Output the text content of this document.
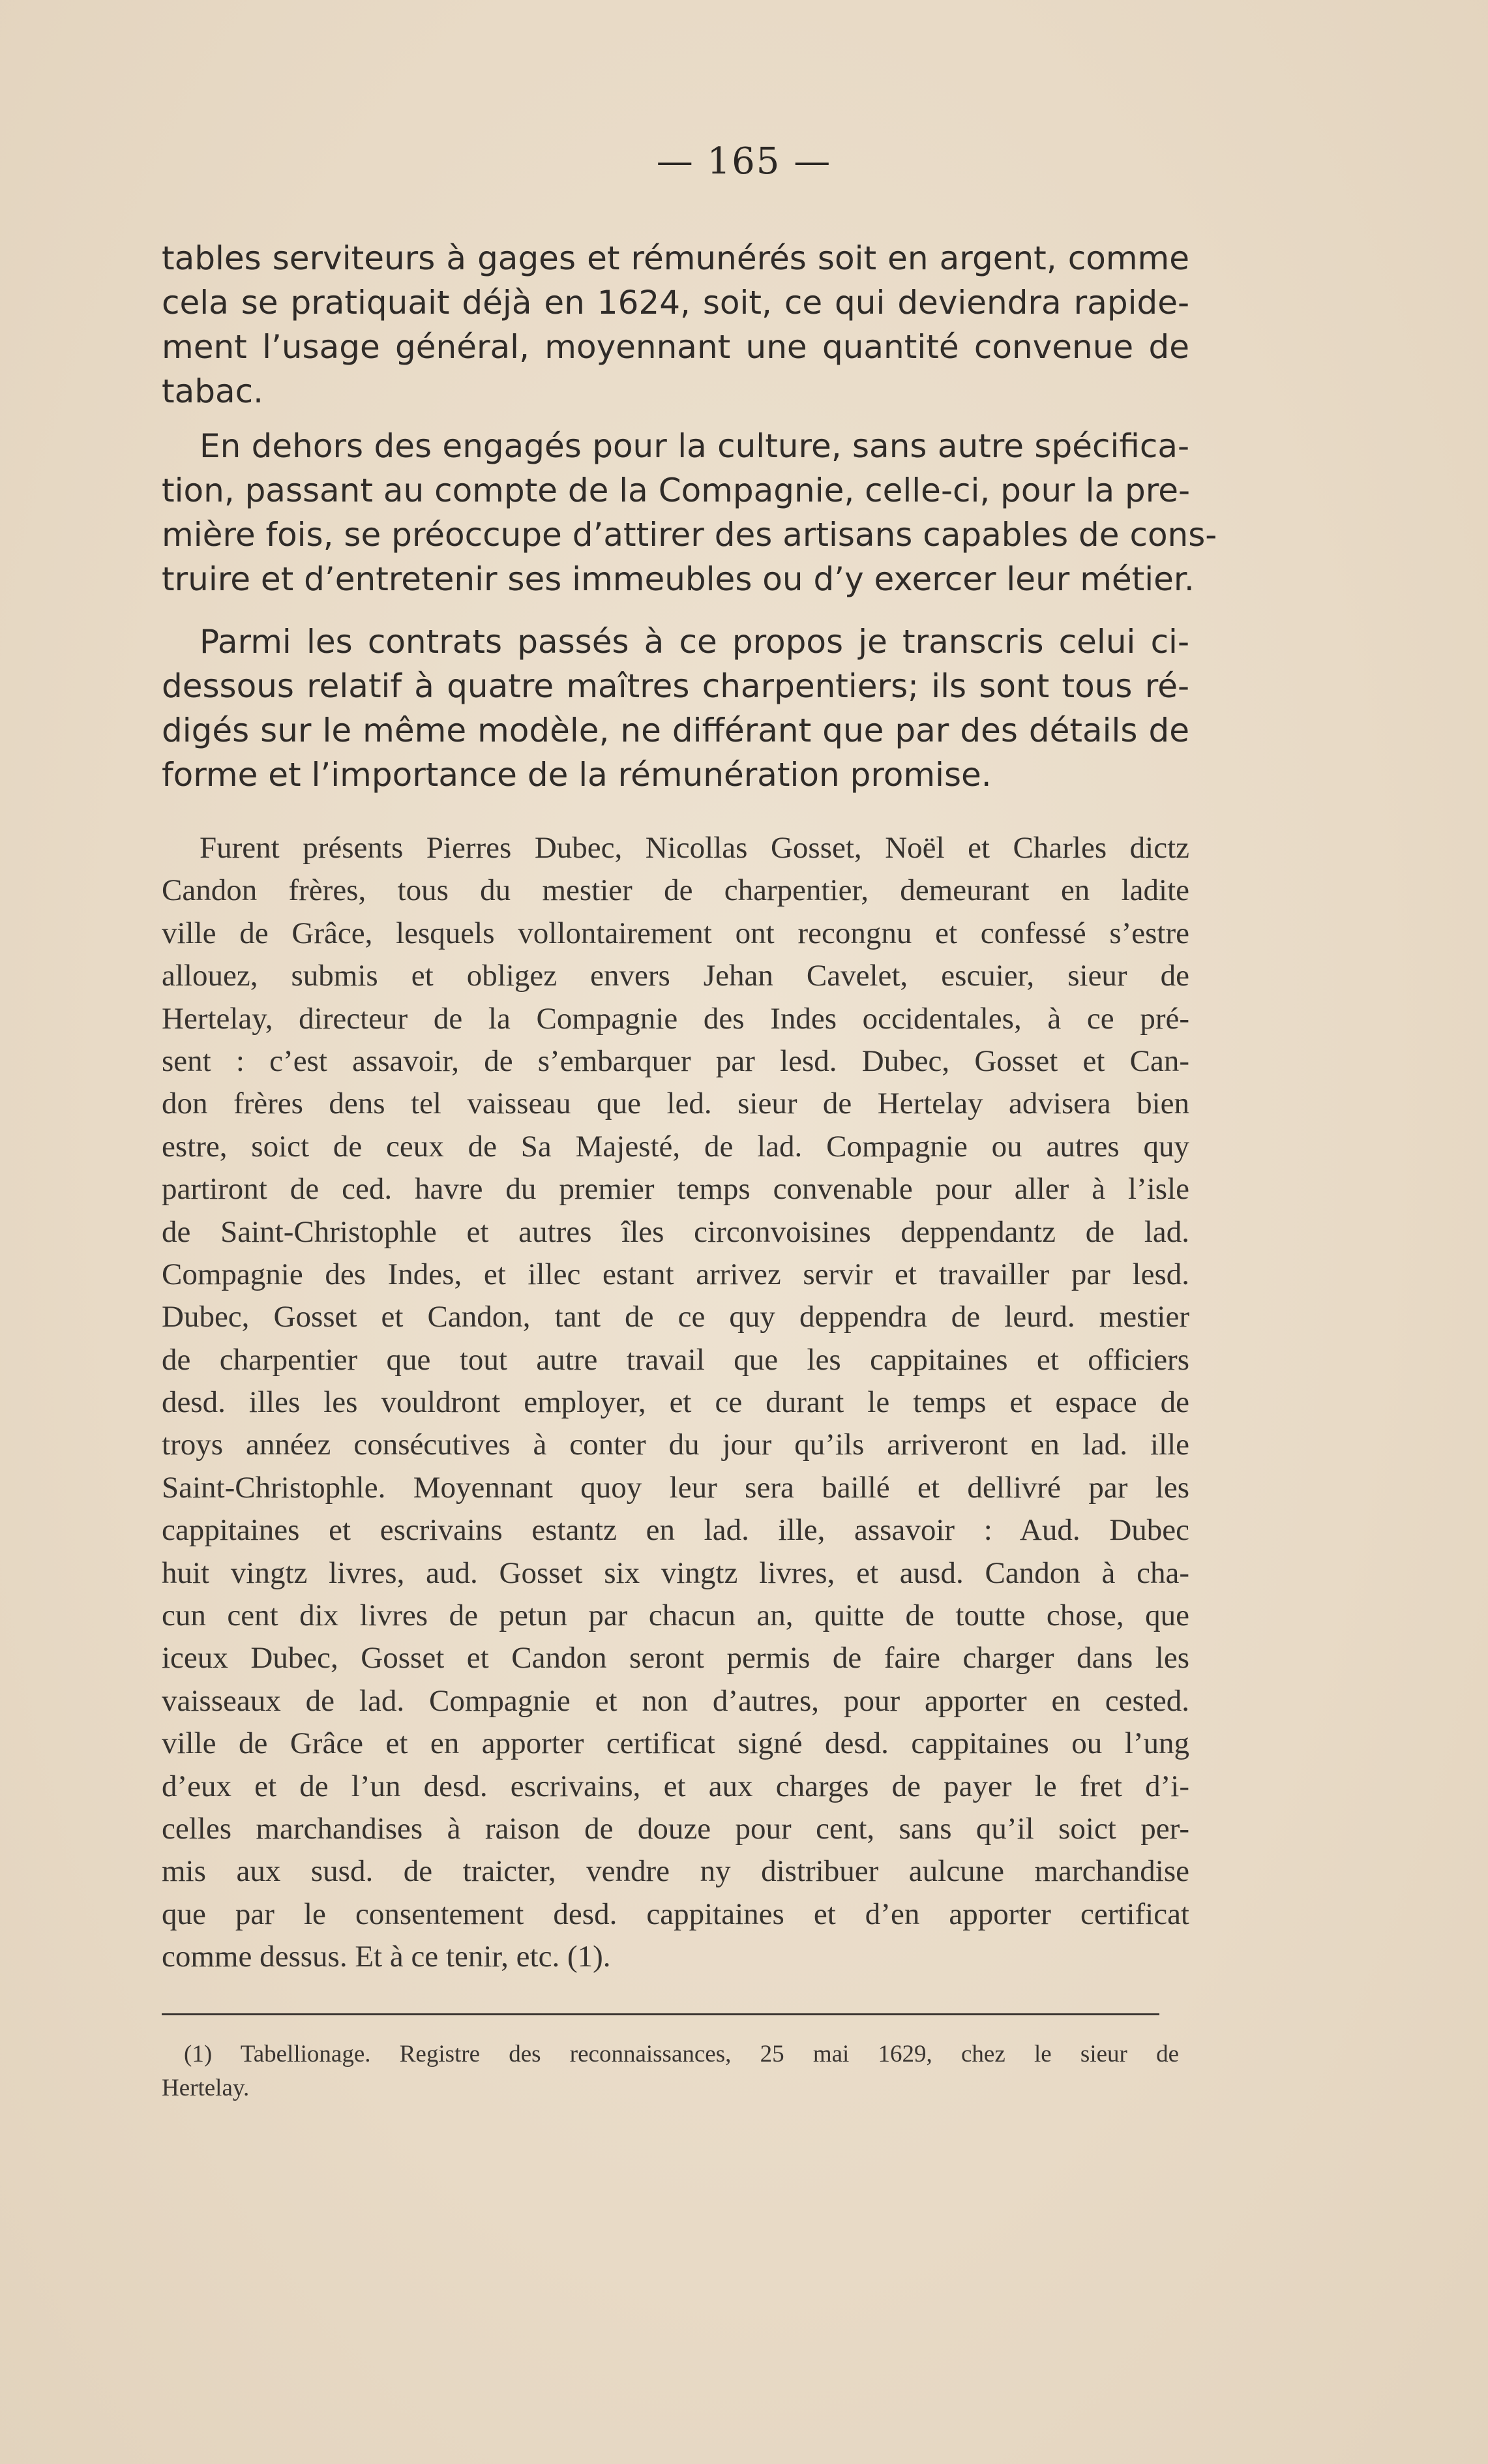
— 165 —
tables serviteurs à gages et rémunérés soit en argent, comme
cela se pratiquait déjà en 1624, soit, ce qui deviendra rapide-
ment l’usage général, moyennant une quantité convenue de
tabac.
En dehors des engagés pour la culture, sans autre spécifica-
tion, passant au compte de la Compagnie, celle-ci, pour la pre-
mière fois, se préoccupe d’attirer des artisans capables de cons-
truire et d’entretenir ses immeubles ou d’y exercer leur métier.
Parmi les contrats passés à ce propos je transcris celui ci-
dessous relatif à quatre maîtres charpentiers; ils sont tous ré-
digés sur le même modèle, ne différant que par des détails de
forme et l’importance de la rémunération promise.
Furent présents Pierres Dubec, Nicollas Gosset, Noël et Charles dictz
Candon frères, tous du mestier de charpentier, demeurant en ladite
ville de Grâce, lesquels vollontairement ont recongnu et confessé s’estre
allouez, submis et obligez envers Jehan Cavelet, escuier, sieur de
Hertelay, directeur de la Compagnie des Indes occidentales, à ce pré-
sent : c’est assavoir, de s’embarquer par lesd. Dubec, Gosset et Can-
don frères dens tel vaisseau que led. sieur de Hertelay advisera bien
estre, soict de ceux de Sa Majesté, de lad. Compagnie ou autres quy
partiront de ced. havre du premier temps convenable pour aller à l’isle
de Saint-Christophle et autres îles circonvoisines deppendantz de lad.
Compagnie des Indes, et illec estant arrivez servir et travailler par lesd.
Dubec, Gosset et Candon, tant de ce quy deppendra de leurd. mestier
de charpentier que tout autre travail que les cappitaines et officiers
desd. illes les vouldront employer, et ce durant le temps et espace de
troys annéez consécutives à conter du jour qu’ils arriveront en lad. ille
Saint-Christophle. Moyennant quoy leur sera baillé et dellivré par les
cappitaines et escrivains estantz en lad. ille, assavoir : Aud. Dubec
huit vingtz livres, aud. Gosset six vingtz livres, et ausd. Candon à cha-
cun cent dix livres de petun par chacun an, quitte de toutte chose, que
iceux Dubec, Gosset et Candon seront permis de faire charger dans les
vaisseaux de lad. Compagnie et non d’autres, pour apporter en cested.
ville de Grâce et en apporter certificat signé desd. cappitaines ou l’ung
d’eux et de l’un desd. escrivains, et aux charges de payer le fret d’i-
celles marchandises à raison de douze pour cent, sans qu’il soict per-
mis aux susd. de traicter, vendre ny distribuer aulcune marchandise
que par le consentement desd. cappitaines et d’en apporter certificat
comme dessus. Et à ce tenir, etc. (1).
(1) Tabellionage. Registre des reconnaissances, 25 mai 1629, chez le sieur de
Hertelay.
